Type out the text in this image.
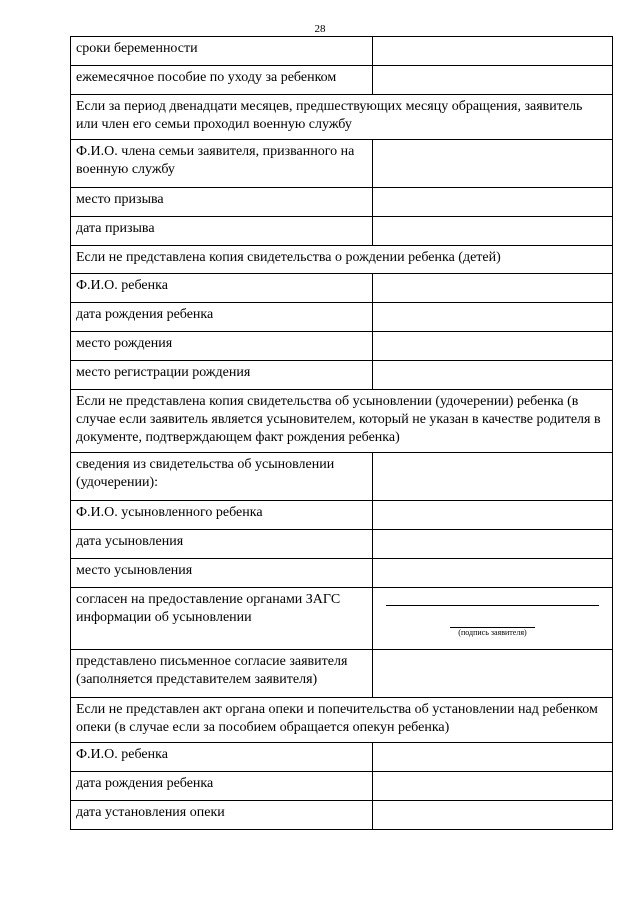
28
сроки беременности	
ежемесячное пособие по уходу за ребенком	
Если за период двенадцати месяцев, предшествующих месяцу обращения, заявитель или член его семьи проходил военную службу	
Ф.И.О. члена семьи заявителя, призванного на военную службу	
место призыва	
дата призыва	
Если не представлена копия свидетельства о рождении ребенка (детей)	
Ф.И.О. ребенка	
дата рождения ребенка	
место рождения	
место регистрации рождения	
Если не представлена копия свидетельства об усыновлении (удочерении) ребенка (в случае если заявитель является усыновителем, который не указан в качестве родителя в документе, подтверждающем факт рождения ребенка)	
сведения из свидетельства об усыновлении (удочерении):	
Ф.И.О. усыновленного ребенка	
дата усыновления	
место усыновления	
согласен на предоставление органами ЗАГС информации об усыновлении	(подпись заявителя)

представлено письменное согласие заявителя (заполняется представителем заявителя)	
Если не представлен акт органа опеки и попечительства об установлении над ребенком опеки (в случае если за пособием обращается опекун ребенка)	
Ф.И.О. ребенка	
дата рождения ребенка	
дата установления опеки	
